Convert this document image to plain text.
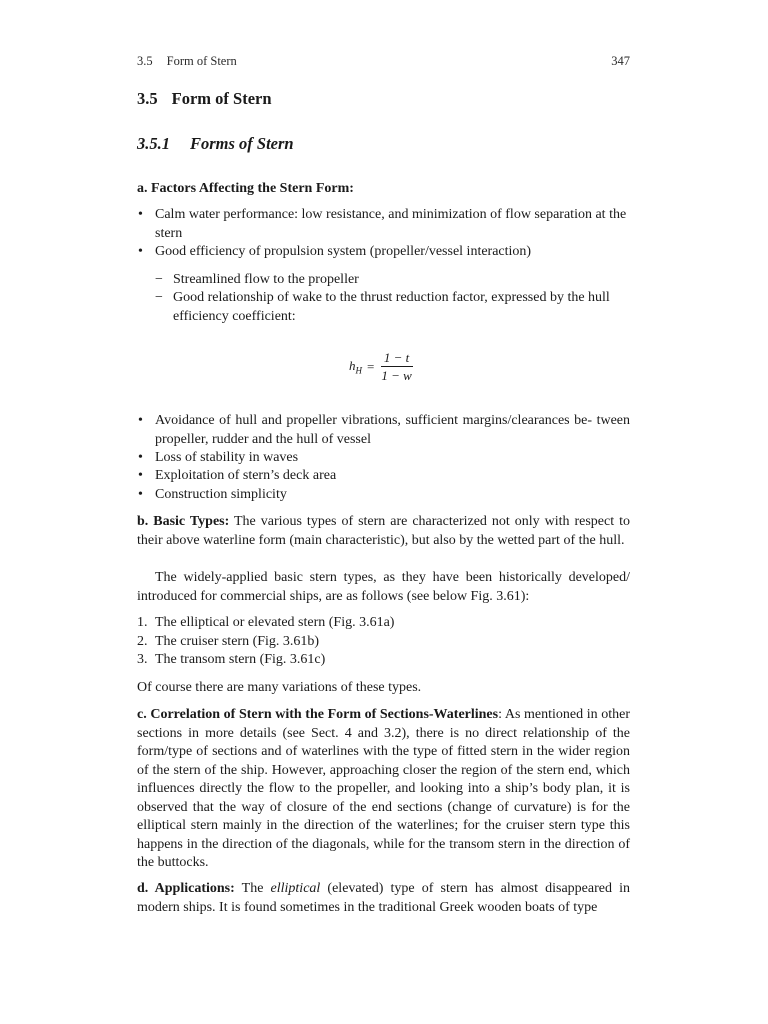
3.5 Form of Stern	347
3.5 Form of Stern
3.5.1 Forms of Stern
a. Factors Affecting the Stern Form:
• Calm water performance: low resistance, and minimization of flow separation at the stern
• Good efficiency of propulsion system (propeller/vessel interaction)
− Streamlined flow to the propeller
− Good relationship of wake to the thrust reduction factor, expressed by the hull efficiency coefficient:
$h_H = \frac{1 - t}{1 - w}$
• Avoidance of hull and propeller vibrations, sufficient margins/clearances be- tween propeller, rudder and the hull of vessel
• Loss of stability in waves
• Exploitation of stern’s deck area
• Construction simplicity
b. Basic Types: The various types of stern are characterized not only with respect to their above waterline form (main characteristic), but also by the wetted part of the hull.
The widely-applied basic stern types, as they have been historically developed/ introduced for commercial ships, are as follows (see below Fig. 3.61):
1. The elliptical or elevated stern (Fig. 3.61a)
2. The cruiser stern (Fig. 3.61b)
3. The transom stern (Fig. 3.61c)
Of course there are many variations of these types.
c. Correlation of Stern with the Form of Sections-Waterlines: As mentioned in other sections in more details (see Sect. 4 and 3.2), there is no direct relationship of the form/type of sections and of waterlines with the type of fitted stern in the wider region of the stern of the ship. However, approaching closer the region of the stern end, which influences directly the flow to the propeller, and looking into a ship’s body plan, it is observed that the way of closure of the end sections (change of curvature) is for the elliptical stern mainly in the direction of the waterlines; for the cruiser stern type this happens in the direction of the diagonals, while for the transom stern in the direction of the buttocks.
d. Applications: The elliptical (elevated) type of stern has almost disappeared in modern ships. It is found sometimes in the traditional Greek wooden boats of type
